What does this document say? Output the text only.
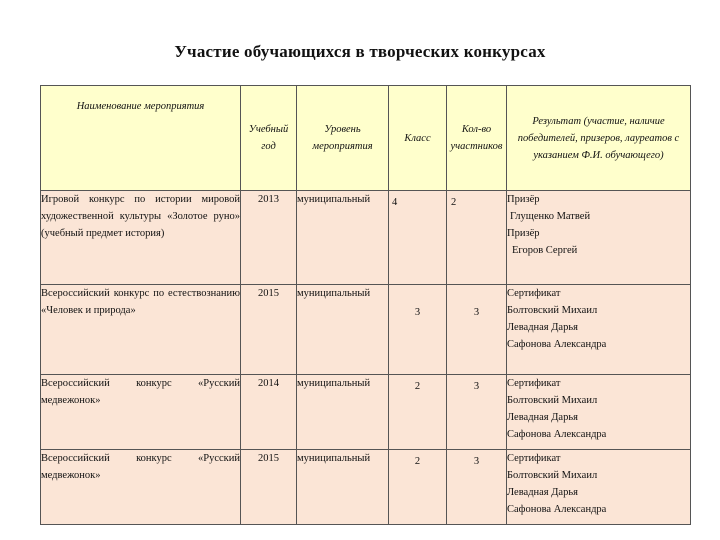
Участие обучающихся в творческих конкурсах
Наименование мероприятия	Учебный год	Уровень мероприятия	Класс	Кол-во участников	Результат (участие, наличие победителей, призеров, лауреатов с указанием Ф.И. обучающего)
Игровой конкурс по истории мировой художественной культуры «Золотое руно» (учебный предмет история)	2013	муниципальный	4	2	Призёр
Глущенко Матвей
Призёр
Егоров Сергей

Всероссийский конкурс по естествознанию «Человек и природа»	2015	муниципальный	3	3	Сертификат
Болтовский Михаил
Левадная Дарья
Сафонова Александра

Всероссийский конкурс «Русский медвежонок»	2014	муниципальный	2	3	Сертификат
Болтовский Михаил
Левадная Дарья
Сафонова Александра

Всероссийский конкурс «Русский медвежонок»	2015	муниципальный	2	3	Сертификат
Болтовский Михаил
Левадная Дарья
Сафонова Александра
